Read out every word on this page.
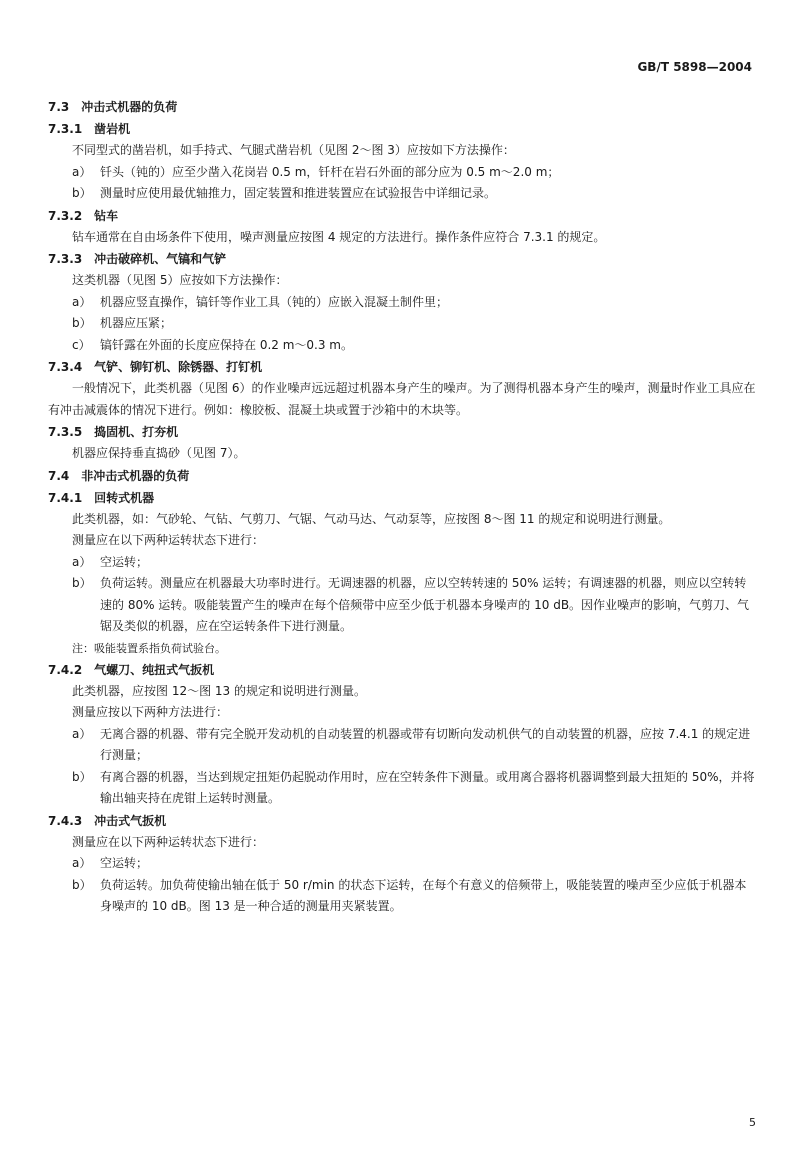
GB/T 5898—2004
7.3 冲击式机器的负荷
7.3.1 凿岩机
不同型式的凿岩机，如手持式、气腿式凿岩机（见图 2～图 3）应按如下方法操作：
a） 钎头（钝的）应至少凿入花岗岩 0.5 m，钎杆在岩石外面的部分应为 0.5 m～2.0 m；
b） 测量时应使用最优轴推力，固定装置和推进装置应在试验报告中详细记录。
7.3.2 钻车
钻车通常在自由场条件下使用，噪声测量应按图 4 规定的方法进行。操作条件应符合 7.3.1 的规定。
7.3.3 冲击破碎机、气镐和气铲
这类机器（见图 5）应按如下方法操作：
a） 机器应竖直操作，镐钎等作业工具（钝的）应嵌入混凝土制件里；
b） 机器应压紧；
c） 镐钎露在外面的长度应保持在 0.2 m～0.3 m。
7.3.4 气铲、铆钉机、除锈器、打钉机
一般情况下，此类机器（见图 6）的作业噪声远远超过机器本身产生的噪声。为了测得机器本身产生的噪声，测量时作业工具应在有冲击减震体的情况下进行。例如：橡胶板、混凝土块或置于沙箱中的木块等。
7.3.5 捣固机、打夯机
机器应保持垂直捣砂（见图 7）。
7.4 非冲击式机器的负荷
7.4.1 回转式机器
此类机器，如：气砂轮、气钻、气剪刀、气锯、气动马达、气动泵等，应按图 8～图 11 的规定和说明进行测量。
测量应在以下两种运转状态下进行：
a） 空运转；
b） 负荷运转。测量应在机器最大功率时进行。无调速器的机器，应以空转转速的 50% 运转；有调速器的机器，则应以空转转速的 80% 运转。吸能装置产生的噪声在每个倍频带中应至少低于机器本身噪声的 10 dB。因作业噪声的影响，气剪刀、气锯及类似的机器，应在空运转条件下进行测量。
注：吸能装置系指负荷试验台。
7.4.2 气螺刀、纯扭式气扳机
此类机器，应按图 12～图 13 的规定和说明进行测量。
测量应按以下两种方法进行：
a） 无离合器的机器、带有完全脱开发动机的自动装置的机器或带有切断向发动机供气的自动装置的机器，应按 7.4.1 的规定进行测量；
b） 有离合器的机器，当达到规定扭矩仍起脱动作用时，应在空转条件下测量。或用离合器将机器调整到最大扭矩的 50%，并将输出轴夹持在虎钳上运转时测量。
7.4.3 冲击式气扳机
测量应在以下两种运转状态下进行：
a） 空运转；
b） 负荷运转。加负荷使输出轴在低于 50 r/min 的状态下运转，在每个有意义的倍频带上，吸能装置的噪声至少应低于机器本身噪声的 10 dB。图 13 是一种合适的测量用夹紧装置。
5
